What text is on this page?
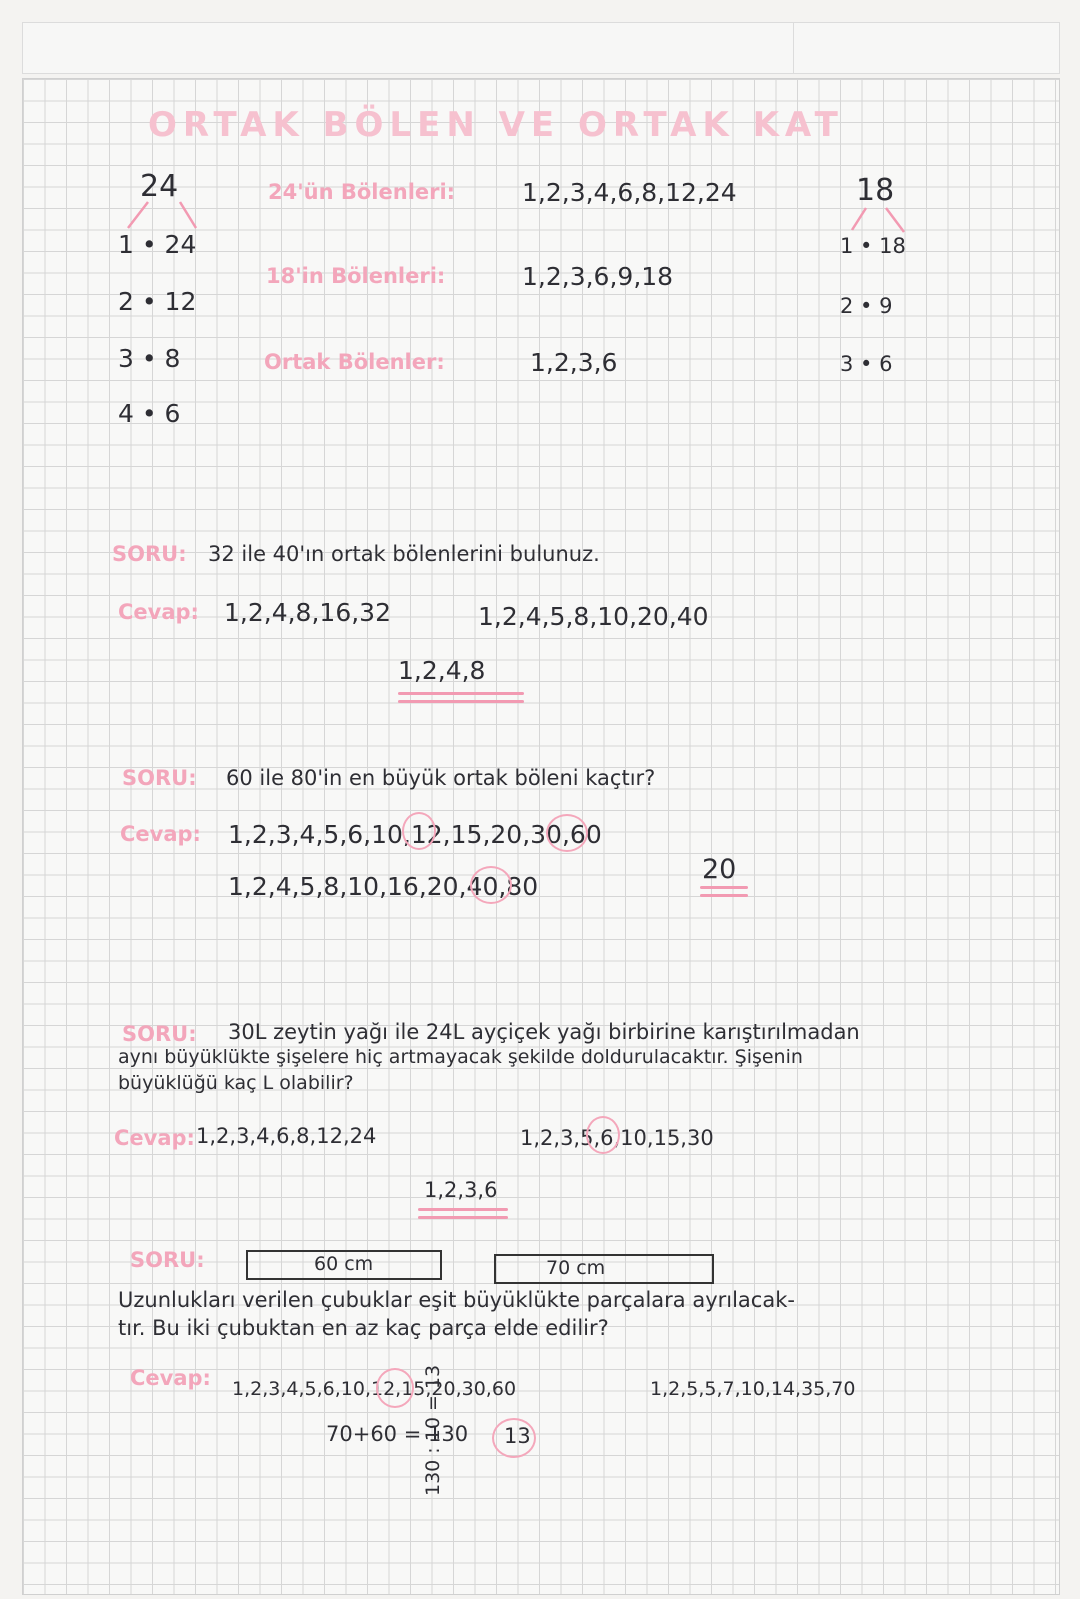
ORTAK BÖLEN VE ORTAK KAT
24	18
1 • 24
2 • 12
3 • 8
4 • 6
1 • 18
2 • 9
3 • 6
24'ün Bölenleri:	1,2,3,4,6,8,12,24
18'in Bölenleri:	1,2,3,6,9,18
Ortak Bölenler:	1,2,3,6
SORU: 32 ile 40'ın ortak bölenlerini bulunuz.
Cevap: 1,2,4,8,16,32	1,2,4,5,8,10,20,40
1,2,4,8
SORU: 60 ile 80'in en büyük ortak böleni kaçtır?
Cevap: 1,2,3,4,5,6,10,12,15,20,30,60
1,2,4,5,8,10,16,20,40,80
20
SORU: 30L zeytin yağı ile 24L ayçiçek yağı birbirine karıştırılmadan
aynı büyüklükte şişelere hiç artmayacak şekilde doldurulacaktır. Şişenin
büyüklüğü kaç L olabilir?
Cevap: 1,2,3,4,6,8,12,24	1,2,3,5,6,10,15,30
1,2,3,6
SORU:	60 cm	70 cm
Uzunlukları verilen çubuklar eşit büyüklükte parçalara ayrılacak-
tır. Bu iki çubuktan en az kaç parça elde edilir?
Cevap: 1,2,3,4,5,6,10,12,15,20,30,60	1,2,5,5,7,10,14,35,70
70+60 = 130 13
130 : 10 = 13
